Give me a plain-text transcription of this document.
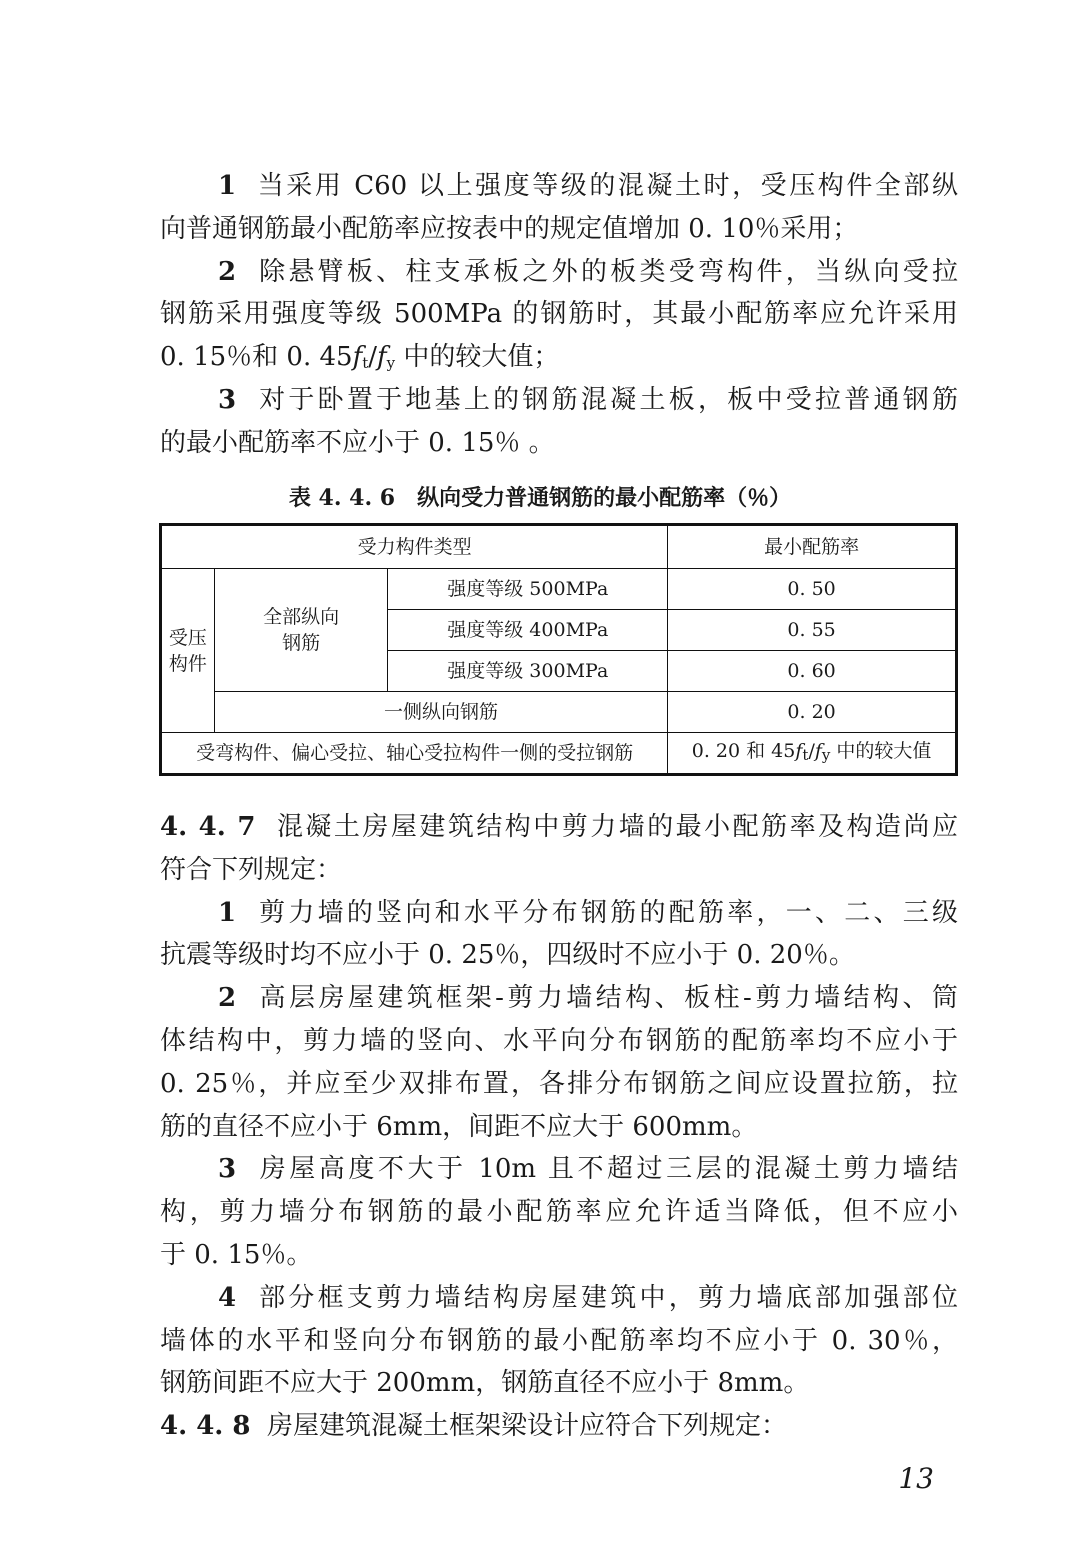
1 当采用 C60 以上强度等级的混凝土时，受压构件全部纵
向普通钢筋最小配筋率应按表中的规定值增加 0. 10％采用；
2 除悬臂板、柱支承板之外的板类受弯构件，当纵向受拉
钢筋采用强度等级 500MPa 的钢筋时，其最小配筋率应允许采用
0. 15％和 0. $45f_t/f_y$ 中的较大值；
3 对于卧置于地基上的钢筋混凝土板，板中受拉普通钢筋
的最小配筋率不应小于 0. 15％ 。
表 4. 4. 6　纵向受力普通钢筋的最小配筋率（％）
受力构件类型			最小配筋率
受压构件	全部纵向钢筋	强度等级 500MPa	0. 50
		强度等级 400MPa	0. 55
		强度等级 300MPa	0. 60
	一侧纵向钢筋		0. 20
受弯构件、偏心受拉、轴心受拉构件一侧的受拉钢筋			0. 20 和 $45f_t/f_y$ 中的较大值
4. 4. 7 混凝土房屋建筑结构中剪力墙的最小配筋率及构造尚应
符合下列规定：
1 剪力墙的竖向和水平分布钢筋的配筋率，一、二、三级
抗震等级时均不应小于 0. 25％，四级时不应小于 0. 20％。
2 高层房屋建筑框架-剪力墙结构、板柱-剪力墙结构、筒
体结构中，剪力墙的竖向、水平向分布钢筋的配筋率均不应小于
0. 25％，并应至少双排布置，各排分布钢筋之间应设置拉筋，拉
筋的直径不应小于 6mm，间距不应大于 600mm。
3 房屋高度不大于 10m 且不超过三层的混凝土剪力墙结
构，剪力墙分布钢筋的最小配筋率应允许适当降低，但不应小
于 0. 15％。
4 部分框支剪力墙结构房屋建筑中，剪力墙底部加强部位
墙体的水平和竖向分布钢筋的最小配筋率均不应小于 0. 30％，
钢筋间距不应大于 200mm，钢筋直径不应小于 8mm。
4. 4. 8 房屋建筑混凝土框架梁设计应符合下列规定：
13
